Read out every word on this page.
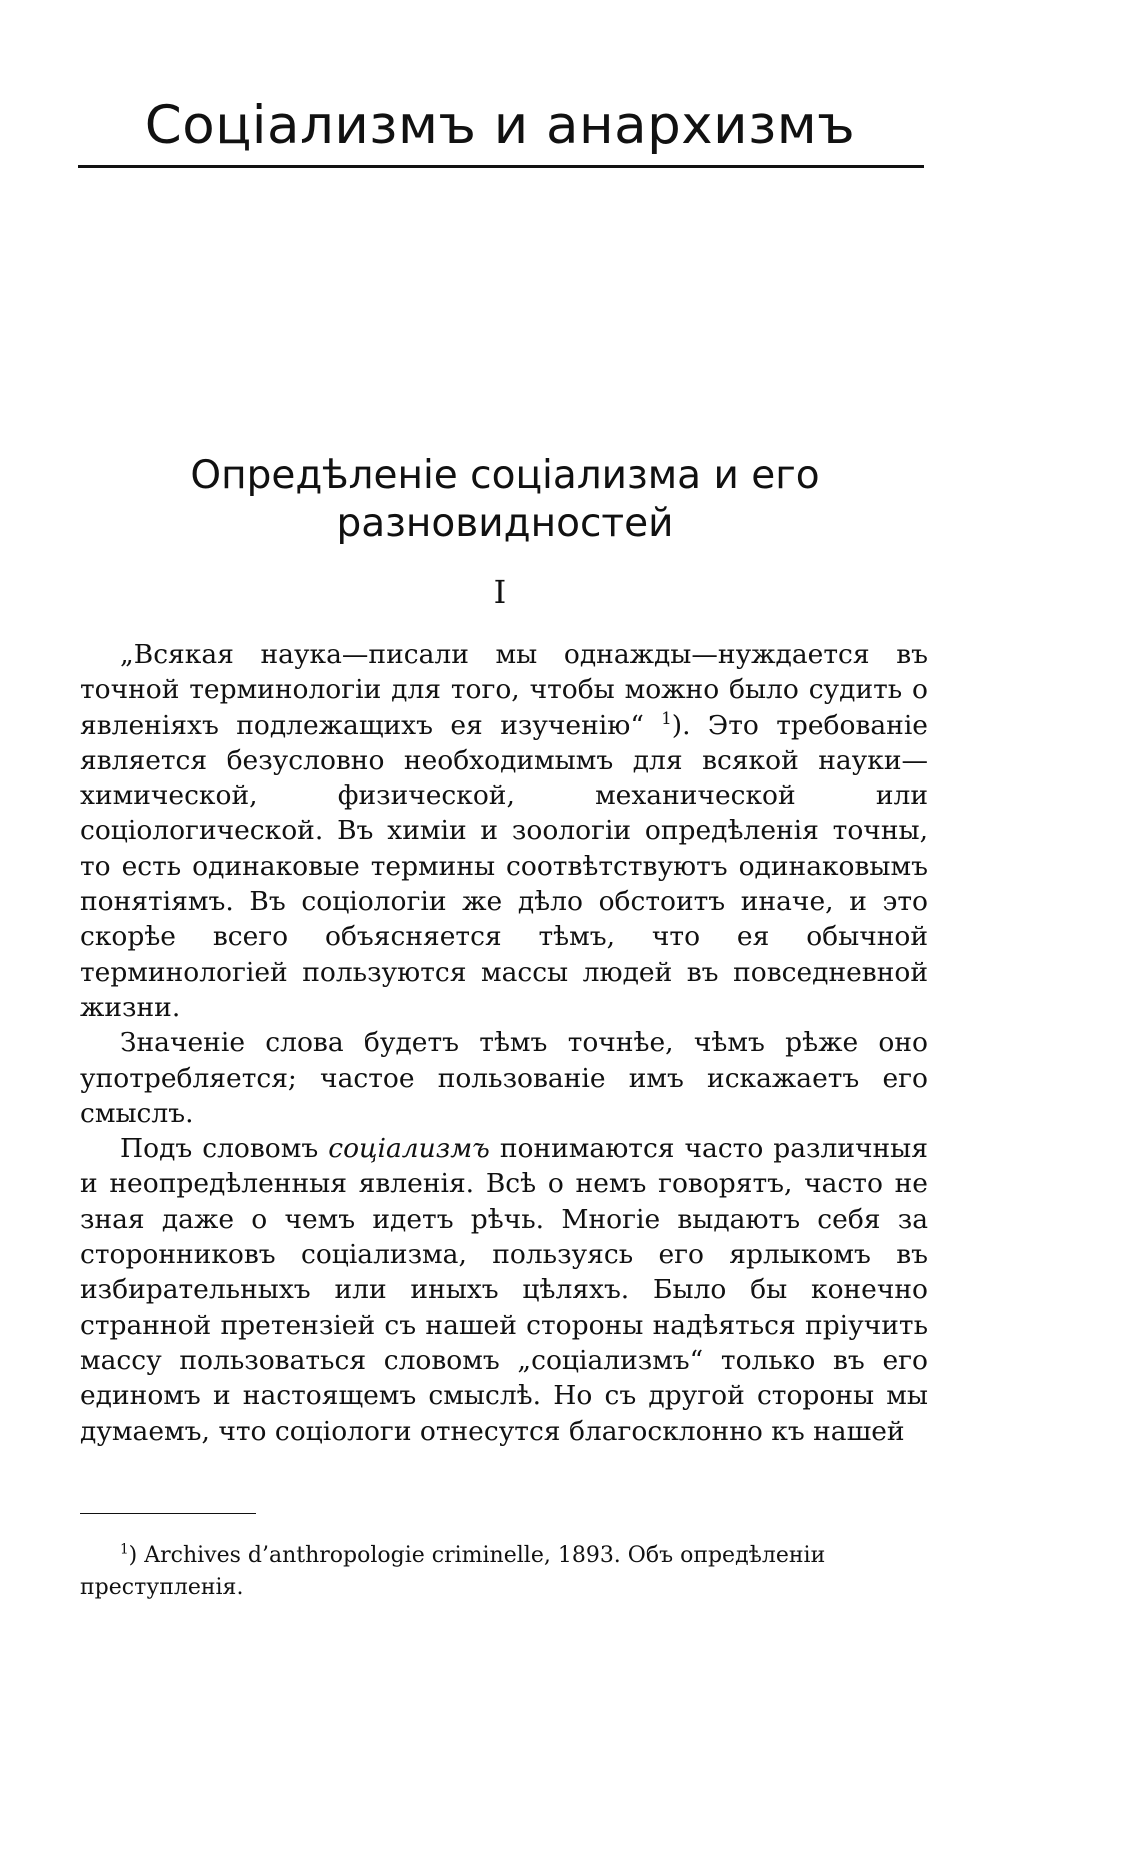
Соціализмъ и анархизмъ
Опредѣленіе соціализма и его разновидностей
I

„Всякая наука—писали мы однажды—нуждается въ точной терминологіи для того, чтобы можно было судить о явленіяхъ подлежащихъ ея изученію“ $^1$). Это требованіе является безусловно необходимымъ для всякой науки—химической, физической, механической или соціологической. Въ химіи и зоологіи опредѣленія точны, то есть одинаковые термины соотвѣтствуютъ одинаковымъ понятіямъ. Въ соціологіи же дѣло обстоитъ иначе, и это скорѣе всего объясняется тѣмъ, что ея обычной терминологіей пользуются массы людей въ повседневной жизни.

Значеніе слова будетъ тѣмъ точнѣе, чѣмъ рѣже оно употребляется; частое пользованіе имъ искажаетъ его смыслъ.

Подъ словомъ соціализмъ понимаются часто различныя и неопредѣленныя явленія. Всѣ о немъ говорятъ, часто не зная даже о чемъ идетъ рѣчь. Многіе выдаютъ себя за сторонниковъ соціализма, пользуясь его ярлыкомъ въ избирательныхъ или иныхъ цѣляхъ. Было бы конечно странной претензіей съ нашей стороны надѣяться пріучить массу пользоваться словомъ „соціализмъ“ только въ его единомъ и настоящемъ смыслѣ. Но съ другой стороны мы думаемъ, что соціологи отнесутся благосклонно къ нашей

$^1$) Archives d’anthropologie criminelle, 1893. Объ опредѣленіи преступленія.
